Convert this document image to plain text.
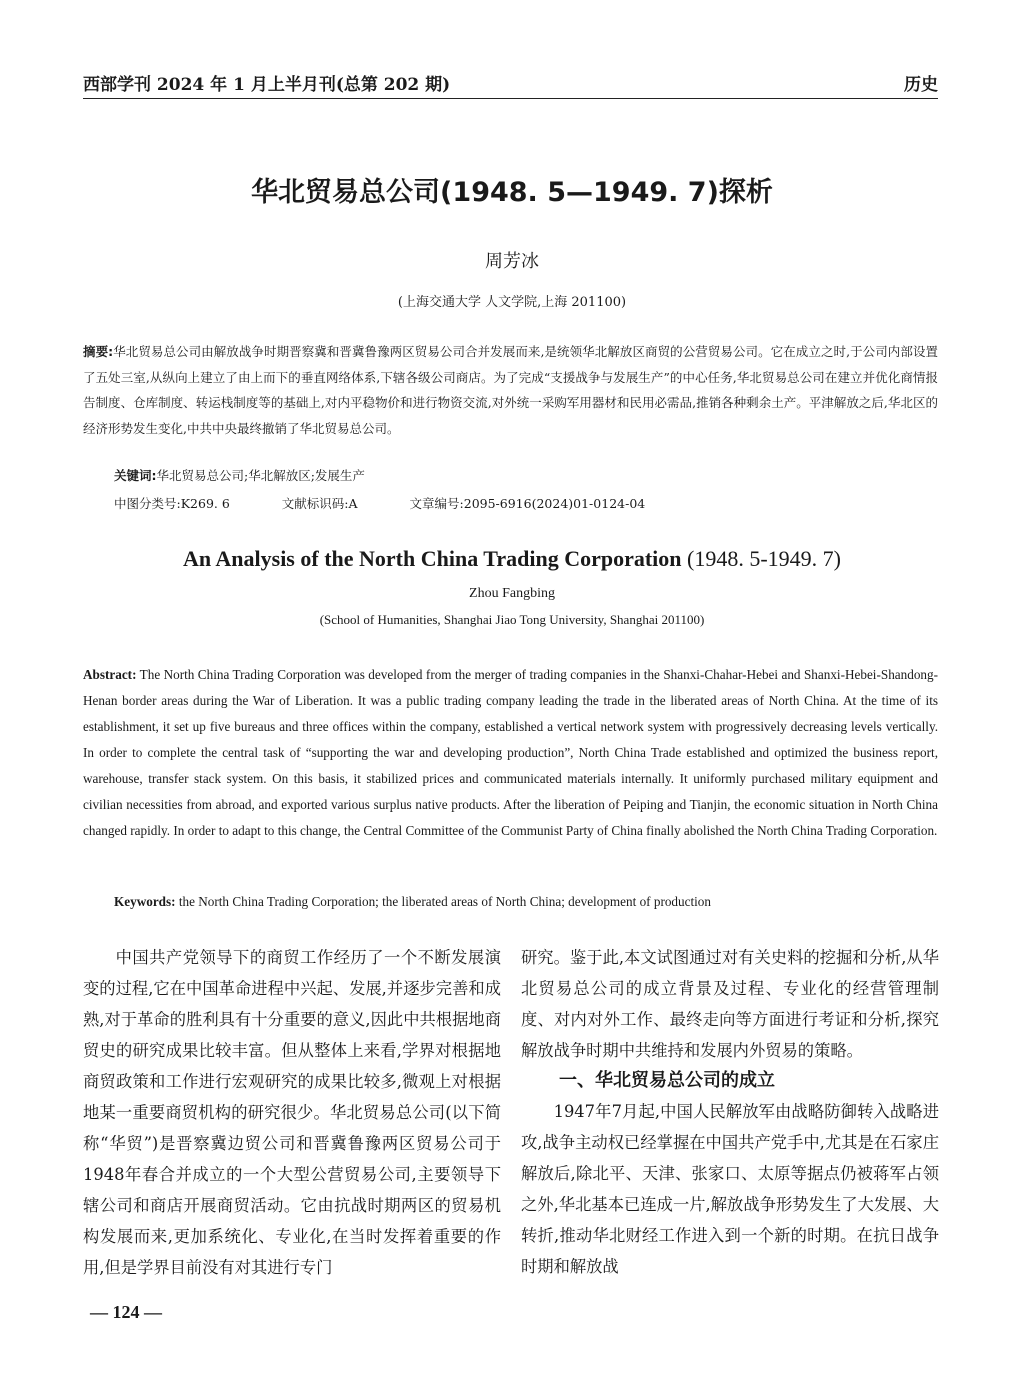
西部学刊 2024 年 1 月上半月刊(总第 202 期)	历史
华北贸易总公司(1948. 5—1949. 7)探析
周芳冰
(上海交通大学 人文学院,上海 201100)
摘要:华北贸易总公司由解放战争时期晋察冀和晋冀鲁豫两区贸易公司合并发展而来,是统领华北解放区商贸的公营贸易公司。它在成立之时,于公司内部设置了五处三室,从纵向上建立了由上而下的垂直网络体系,下辖各级公司商店。为了完成“支援战争与发展生产”的中心任务,华北贸易总公司在建立并优化商情报告制度、仓库制度、转运栈制度等的基础上,对内平稳物价和进行物资交流,对外统一采购军用器材和民用必需品,推销各种剩余土产。平津解放之后,华北区的经济形势发生变化,中共中央最终撤销了华北贸易总公司。
关键词:华北贸易总公司;华北解放区;发展生产
中图分类号:K269. 6	文献标识码:A	文章编号:2095-6916(2024)01-0124-04
An Analysis of the North China Trading Corporation (1948. 5-1949. 7)
Zhou Fangbing
(School of Humanities, Shanghai Jiao Tong University, Shanghai 201100)
Abstract: The North China Trading Corporation was developed from the merger of trading companies in the Shanxi-Chahar-Hebei and Shanxi-Hebei-Shandong-Henan border areas during the War of Liberation. It was a public trading company leading the trade in the liberated areas of North China. At the time of its establishment, it set up five bureaus and three offices within the company, established a vertical network system with progressively decreasing levels vertically. In order to complete the central task of “supporting the war and developing production”, North China Trade established and optimized the business report, warehouse, transfer stack system. On this basis, it stabilized prices and communicated materials internally. It uniformly purchased military equipment and civilian necessities from abroad, and exported various surplus native products. After the liberation of Peiping and Tianjin, the economic situation in North China changed rapidly. In order to adapt to this change, the Central Committee of the Communist Party of China finally abolished the North China Trading Corporation.
Keywords: the North China Trading Corporation; the liberated areas of North China; development of production

中国共产党领导下的商贸工作经历了一个不断发展演变的过程,它在中国革命进程中兴起、发展,并逐步完善和成熟,对于革命的胜利具有十分重要的意义,因此中共根据地商贸史的研究成果比较丰富。但从整体上来看,学界对根据地商贸政策和工作进行宏观研究的成果比较多,微观上对根据地某一重要商贸机构的研究很少。华北贸易总公司(以下简称“华贸”)是晋察冀边贸公司和晋冀鲁豫两区贸易公司于1948年春合并成立的一个大型公营贸易公司,主要领导下辖公司和商店开展商贸活动。它由抗战时期两区的贸易机构发展而来,更加系统化、专业化,在当时发挥着重要的作用,但是学界目前没有对其进行专门

研究。鉴于此,本文试图通过对有关史料的挖掘和分析,从华北贸易总公司的成立背景及过程、专业化的经营管理制度、对内对外工作、最终走向等方面进行考证和分析,探究解放战争时期中共维持和发展内外贸易的策略。

一、华北贸易总公司的成立

1947年7月起,中国人民解放军由战略防御转入战略进攻,战争主动权已经掌握在中国共产党手中,尤其是在石家庄解放后,除北平、天津、张家口、太原等据点仍被蒋军占领之外,华北基本已连成一片,解放战争形势发生了大发展、大转折,推动华北财经工作进入到一个新的时期。在抗日战争时期和解放战

— 124 —
